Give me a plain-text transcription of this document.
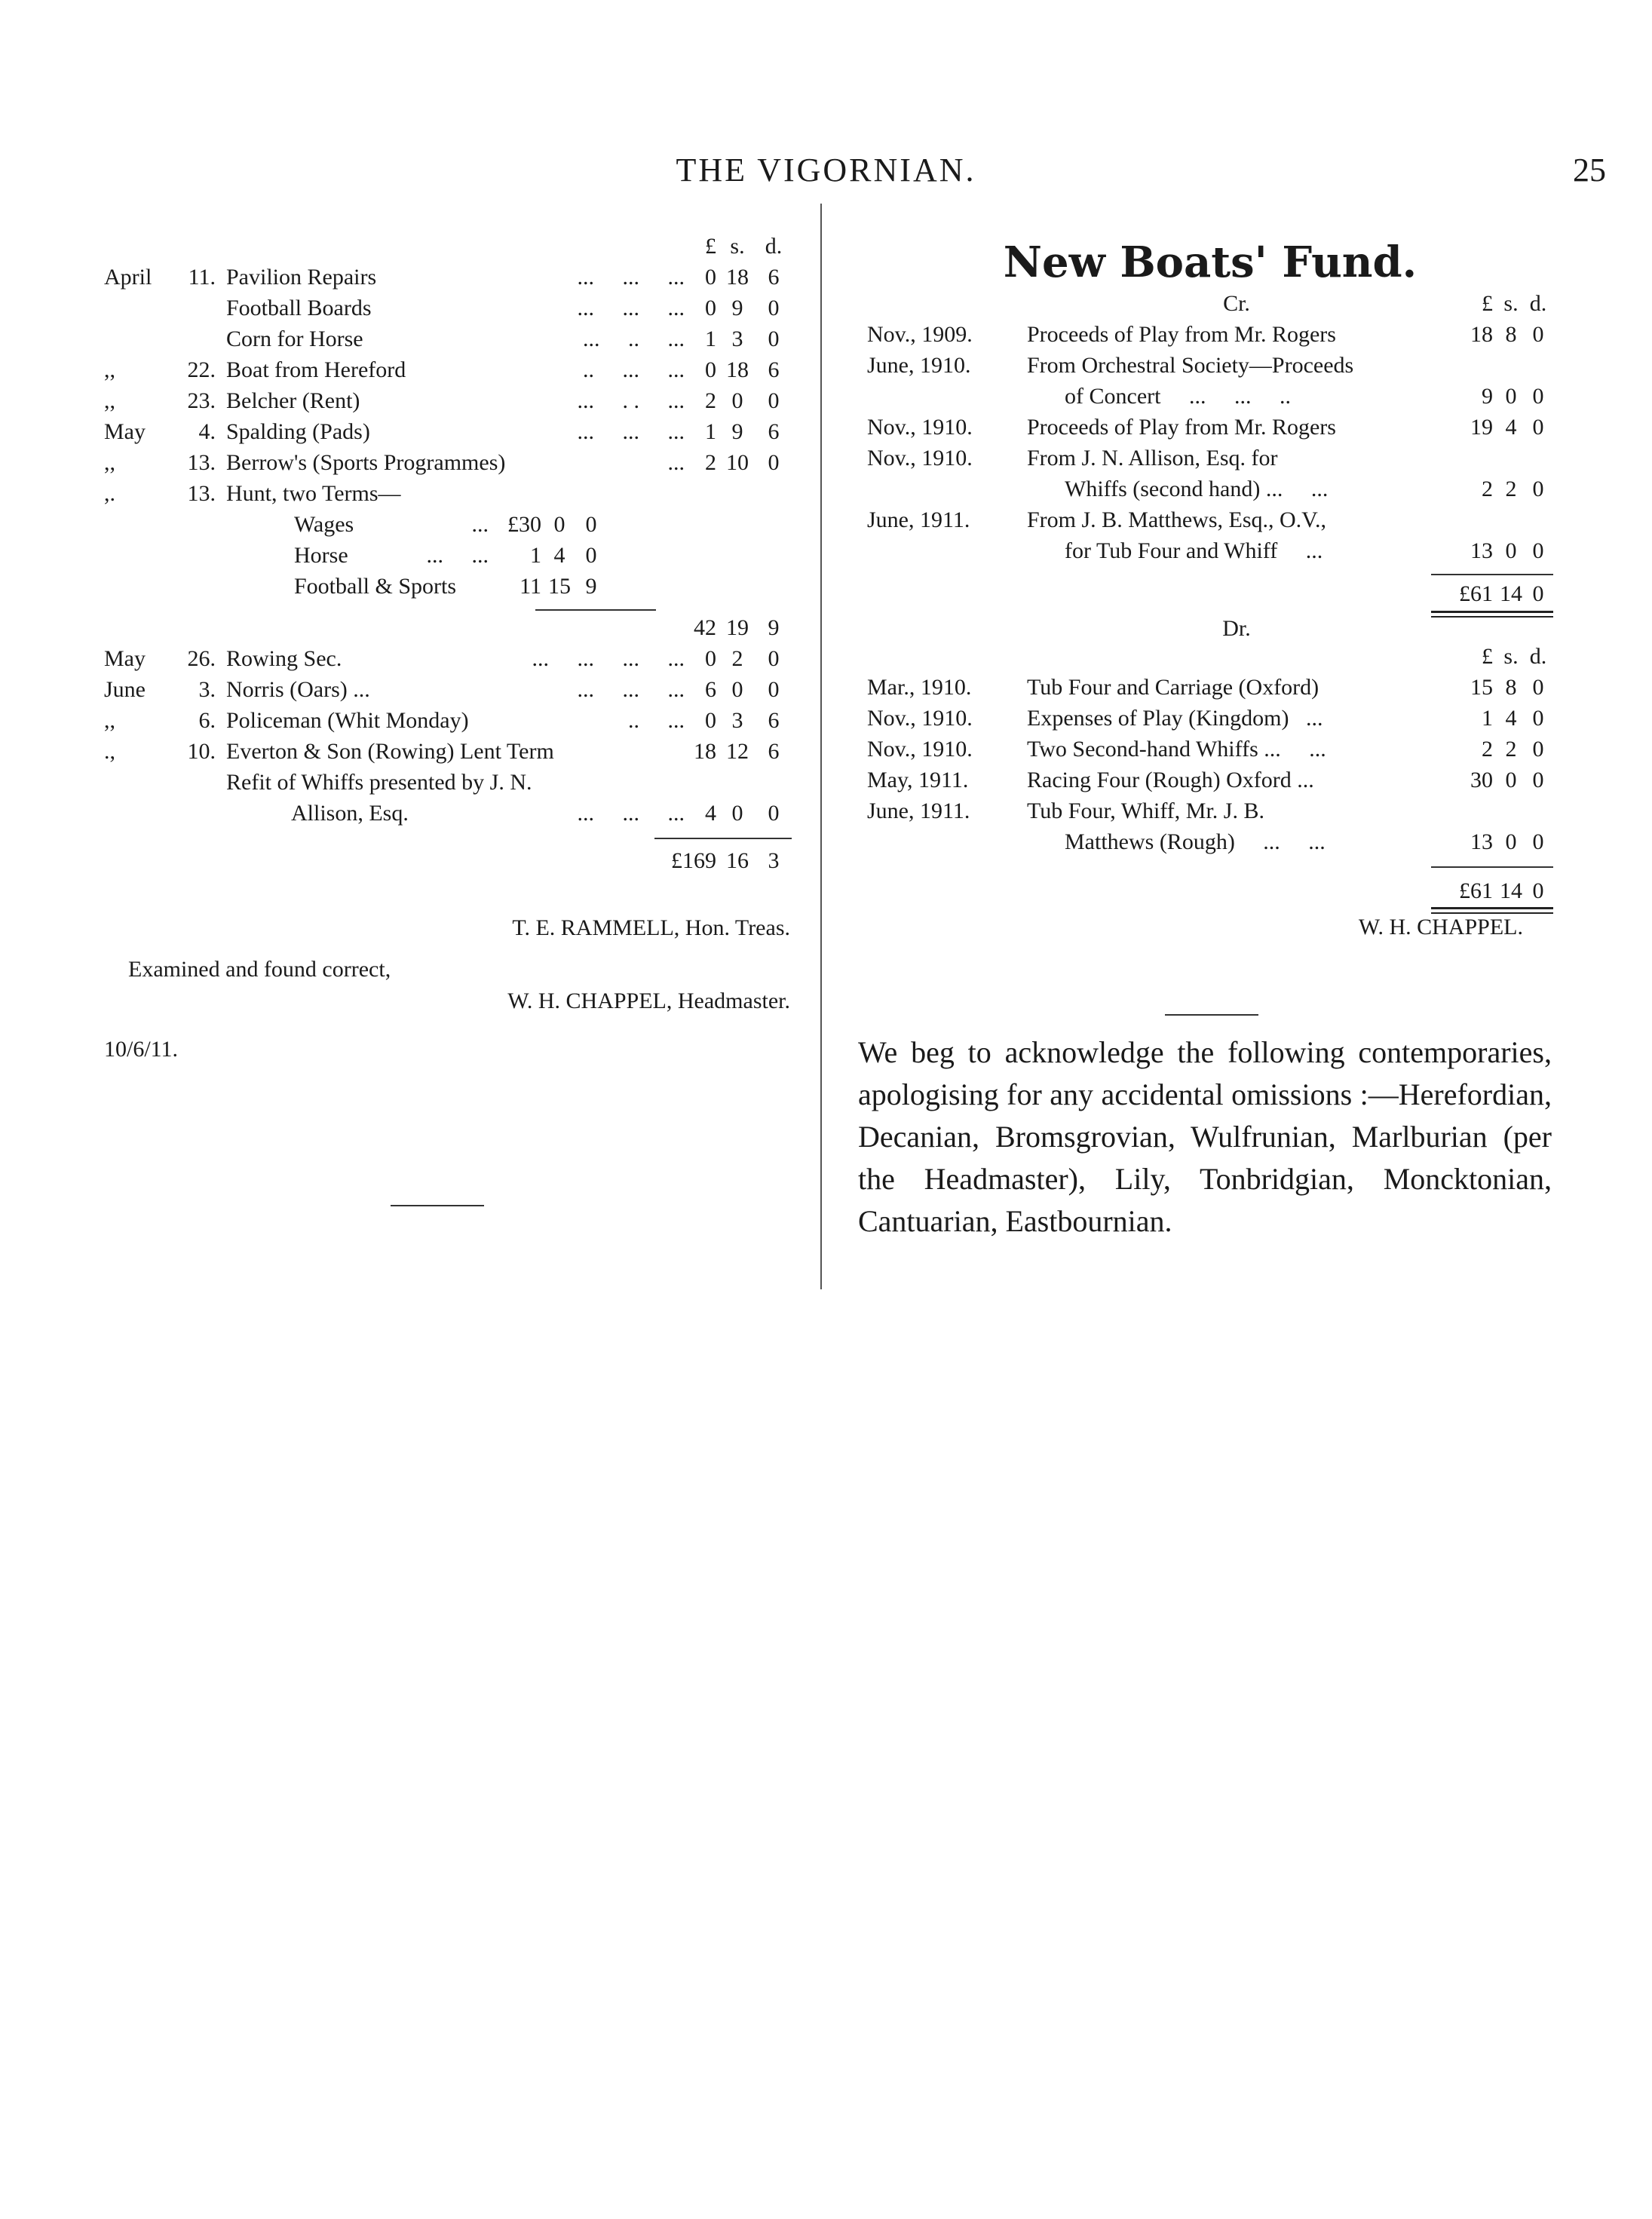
THE VIGORNIAN.	25
£ s. d.
April	11. Pavilion Repairs	...     ...     ... 0 18 6
Football Boards	...     ...     ... 0 9	0
Corn for Horse	...     ..     ... 1 3	0
,,	22. Boat from Hereford	..     ...     ... 0 18 6
,,	23. Belcher (Rent)	...     . .     ... 2 0	0
May	4. Spalding (Pads)	...     ...     ... 1 9	6
,,	13. Berrow's (Sports Programmes)	... 2 10 0
,.	13. Hunt, two Terms—
Wages	... £30 0 0
Horse	...     ...	1 4 0
Football & Sports	11 15 9
42 19 9
May	26. Rowing Sec.	...     ...     ...     ... 0 2	0
June	3. Norris (Oars) ...	...     ...     ... 6 0	0
,,	6. Policeman (Whit Monday)	..     ... 0 3	6
.,	10. Everton & Son (Rowing) Lent Term	18 12 6
Refit of Whiffs presented by J. N.
Allison, Esq.	...     ...     ... 4 0	0
£169 16 3
T. E. RAMMELL, Hon. Treas.
Examined and found correct,
W. H. CHAPPEL, Headmaster.
10/6/11.
New Boats' Fund.
Cr.	£ s. d.
Nov., 1909. Proceeds of Play from Mr. Rogers	18 8 0
June, 1910. From Orchestral Society—Proceeds
of Concert     ...     ...     ..	9 0 0
Nov., 1910. Proceeds of Play from Mr. Rogers	19 4 0
Nov., 1910. From J. N. Allison, Esq. for
Whiffs (second hand) ...     ...	2 2 0
June, 1911.	From J. B. Matthews, Esq., O.V.,
for Tub Four and Whiff     ...	13 0 0
£61 14 0
Dr.
£ s. d.
Mar., 1910. Tub Four and Carriage (Oxford)	15 8 0
Nov., 1910. Expenses of Play (Kingdom)   ...	1 4 0
Nov., 1910. Two Second-hand Whiffs ...     ...	2 2 0
May, 1911.	Racing Four (Rough) Oxford ...	30 0 0
June, 1911.	Tub Four, Whiff, Mr. J. B.
Matthews (Rough)     ...     ...	13 0 0
£61 14 0
W. H. CHAPPEL.
We beg to acknowledge the following contemporaries, apologising for any accidental omissions :—Herefordian, Decanian, Bromsgrovian, Wulfrunian, Marlburian (per the Headmaster), Lily, Tonbridgian, Moncktonian, Cantuarian, Eastbournian.
